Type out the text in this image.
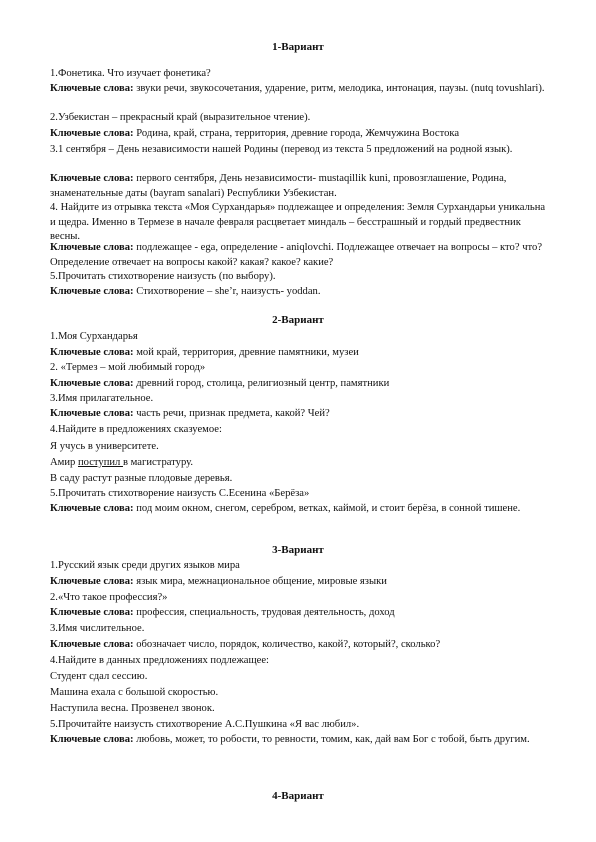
1-Вариант

1.Фонетика. Что изучает фонетика?

Ключевые слова: звуки речи, звукосочетания, ударение, ритм, мелодика, интонация, паузы. (nutq tovushlari).

2.Узбекистан – прекрасный край (выразительное чтение).

Ключевые слова: Родина, край, страна, территория, древние города, Жемчужина Востока

3.1 сентября – День независимости нашей Родины (перевод из текста 5 предложений на родной язык).

Ключевые слова: первого сентября, День независимости- mustaqillik kuni, провозглашение, Родина, знаменательные даты (bayram sanalari) Республики Узбекистан.

4. Найдите из отрывка текста «Моя Сурхандарья» подлежащее и определения: Земля Сурхандарьи уникальна и щедра. Именно в Термезе в начале февраля расцветает миндаль – бесстрашный и гордый предвестник весны.

Ключевые слова: подлежащее - ega, определение - aniqlovchi. Подлежащее отвечает на вопросы – кто? что? Определение отвечает на вопросы какой? какая? какое? какие?

5.Прочитать стихотворение наизусть (по выбору).

Ключевые слова: Стихотворение – she’r, наизусть- yoddan.

2-Вариант

1.Моя Сурхандарья

Ключевые слова: мой край, территория, древние памятники, музеи

2. «Термез – мой любимый город»

Ключевые слова: древний город, столица, религиозный центр, памятники

3.Имя прилагательное.

Ключевые слова: часть речи, признак предмета, какой? Чей?

4.Найдите в предложениях сказуемое:

Я учусь в университете.

Амир поступил в магистратуру.

В саду растут разные плодовые деревья.

5.Прочитать стихотворение наизусть С.Есенина «Берёза»

Ключевые слова: под моим окном, снегом, серебром, ветках, каймой, и стоит берёза, в сонной тишене.

3-Вариант

1.Русский язык среди других языков мира

Ключевые слова: язык мира, межнациональное общение, мировые языки

2.«Что такое профессия?»

Ключевые слова: профессия, специальность, трудовая деятельность, доход

3.Имя числительное.

Ключевые слова: обозначает число, порядок, количество, какой?, который?, сколько?

4.Найдите в данных предложениях подлежащее:

Студент сдал сессию.

Машина ехала с большой скоростью.

Наступила весна. Прозвенел звонок.

5.Прочитайте наизусть стихотворение А.С.Пушкина «Я вас любил».

Ключевые слова: любовь, может, то робости, то ревности, томим, как, дай вам Бог с тобой, быть другим.

4-Вариант
